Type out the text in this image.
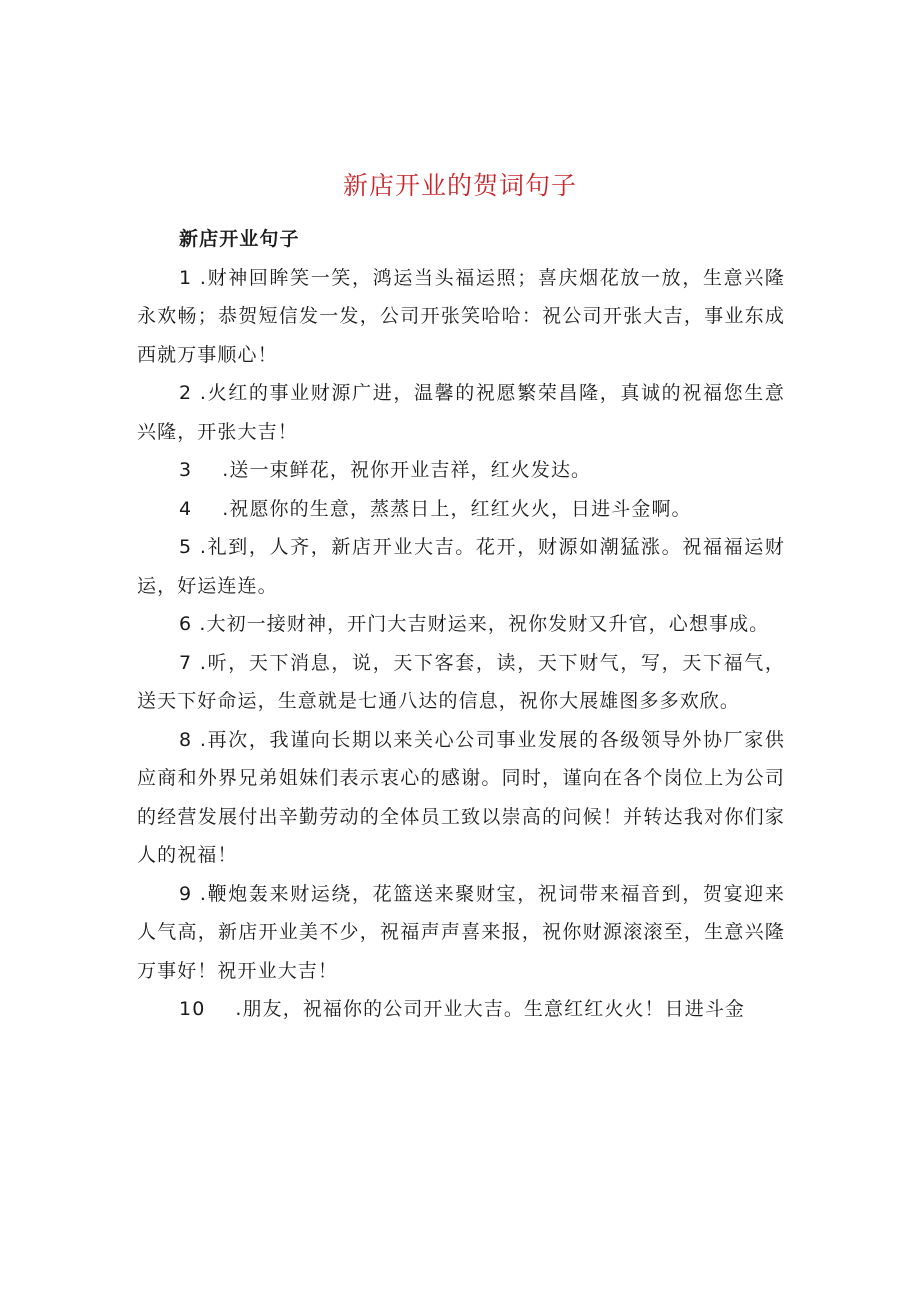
新店开业的贺词句子

新店开业句子

1 .财神回眸笑一笑，鸿运当头福运照；喜庆烟花放一放，生意兴隆永欢畅；恭贺短信发一发，公司开张笑哈哈：祝公司开张大吉，事业东成西就万事顺心！

2 .火红的事业财源广进，温馨的祝愿繁荣昌隆，真诚的祝福您生意兴隆，开张大吉！

3 .送一束鲜花，祝你开业吉祥，红火发达。

4 .祝愿你的生意，蒸蒸日上，红红火火，日进斗金啊。

5 .礼到，人齐，新店开业大吉。花开，财源如潮猛涨。祝福福运财运，好运连连。

6 .大初一接财神，开门大吉财运来，祝你发财又升官，心想事成。

7 .听，天下消息，说，天下客套，读，天下财气，写，天下福气，送天下好命运，生意就是七通八达的信息，祝你大展雄图多多欢欣。

8 .再次，我谨向长期以来关心公司事业发展的各级领导外协厂家供应商和外界兄弟姐妹们表示衷心的感谢。同时，谨向在各个岗位上为公司的经营发展付出辛勤劳动的全体员工致以崇高的问候！并转达我对你们家人的祝福！

9 .鞭炮轰来财运绕，花篮送来聚财宝，祝词带来福音到，贺宴迎来人气高，新店开业美不少，祝福声声喜来报，祝你财源滚滚至，生意兴隆万事好！祝开业大吉！

10 .朋友，祝福你的公司开业大吉。生意红红火火！日进斗金
